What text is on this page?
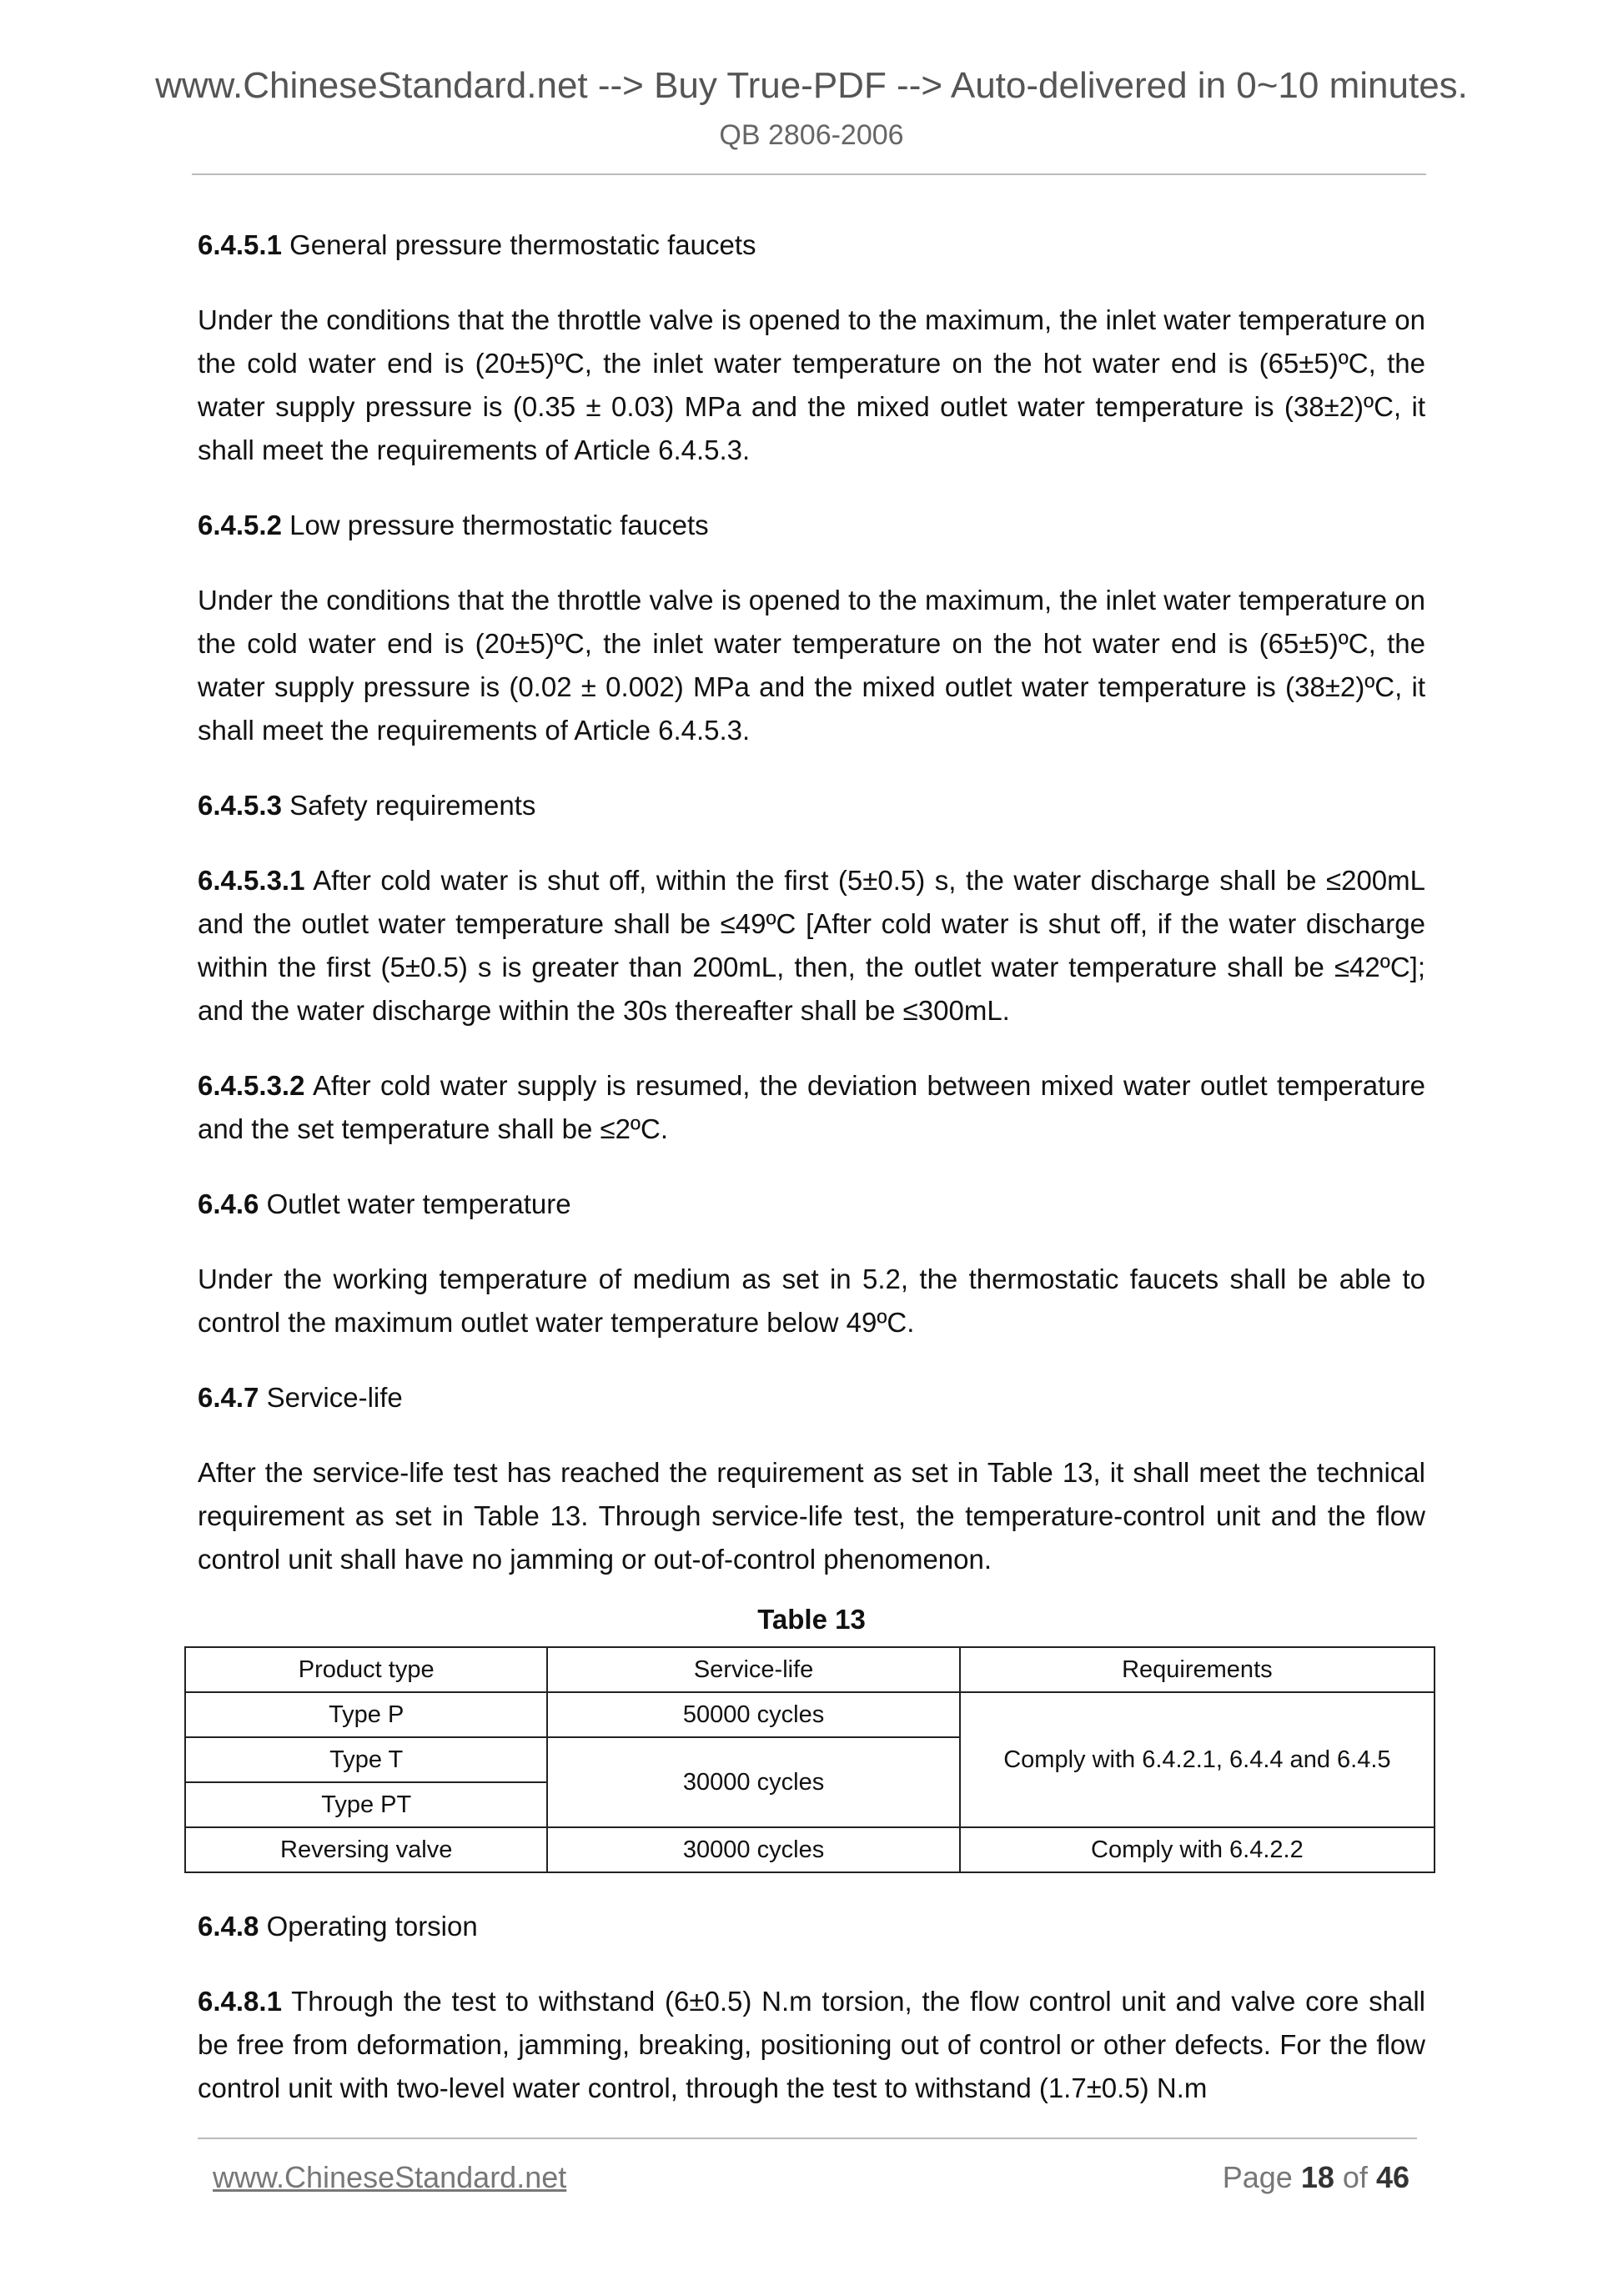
www.ChineseStandard.net --> Buy True-PDF --> Auto-delivered in 0~10 minutes.
QB 2806-2006

6.4.5.1 General pressure thermostatic faucets

Under the conditions that the throttle valve is opened to the maximum, the inlet water temperature on the cold water end is (20±5)ºC, the inlet water temperature on the hot water end is (65±5)ºC, the water supply pressure is (0.35 ± 0.03) MPa and the mixed outlet water temperature is (38±2)ºC, it shall meet the requirements of Article 6.4.5.3.

6.4.5.2 Low pressure thermostatic faucets

Under the conditions that the throttle valve is opened to the maximum, the inlet water temperature on the cold water end is (20±5)ºC, the inlet water temperature on the hot water end is (65±5)ºC, the water supply pressure is (0.02 ± 0.002) MPa and the mixed outlet water temperature is (38±2)ºC, it shall meet the requirements of Article 6.4.5.3.

6.4.5.3 Safety requirements

6.4.5.3.1 After cold water is shut off, within the first (5±0.5) s, the water discharge shall be ≤200mL and the outlet water temperature shall be ≤49ºC [After cold water is shut off, if the water discharge within the first (5±0.5) s is greater than 200mL, then, the outlet water temperature shall be ≤42ºC]; and the water discharge within the 30s thereafter shall be ≤300mL.

6.4.5.3.2 After cold water supply is resumed, the deviation between mixed water outlet temperature and the set temperature shall be ≤2ºC.

6.4.6 Outlet water temperature

Under the working temperature of medium as set in 5.2, the thermostatic faucets shall be able to control the maximum outlet water temperature below 49ºC.

6.4.7 Service-life

After the service-life test has reached the requirement as set in Table 13, it shall meet the technical requirement as set in Table 13. Through service-life test, the temperature-control unit and the flow control unit shall have no jamming or out-of-control phenomenon.

Table 13
Product type	Service-life	Requirements
Type P	50000 cycles	Comply with 6.4.2.1, 6.4.4 and 6.4.5
Type T	30000 cycles	
Type PT		
Reversing valve	30000 cycles	Comply with 6.4.2.2

6.4.8 Operating torsion

6.4.8.1 Through the test to withstand (6±0.5) N.m torsion, the flow control unit and valve core shall be free from deformation, jamming, breaking, positioning out of control or other defects. For the flow control unit with two-level water control, through the test to withstand (1.7±0.5) N.m

www.ChineseStandard.net	Page 18 of 46
